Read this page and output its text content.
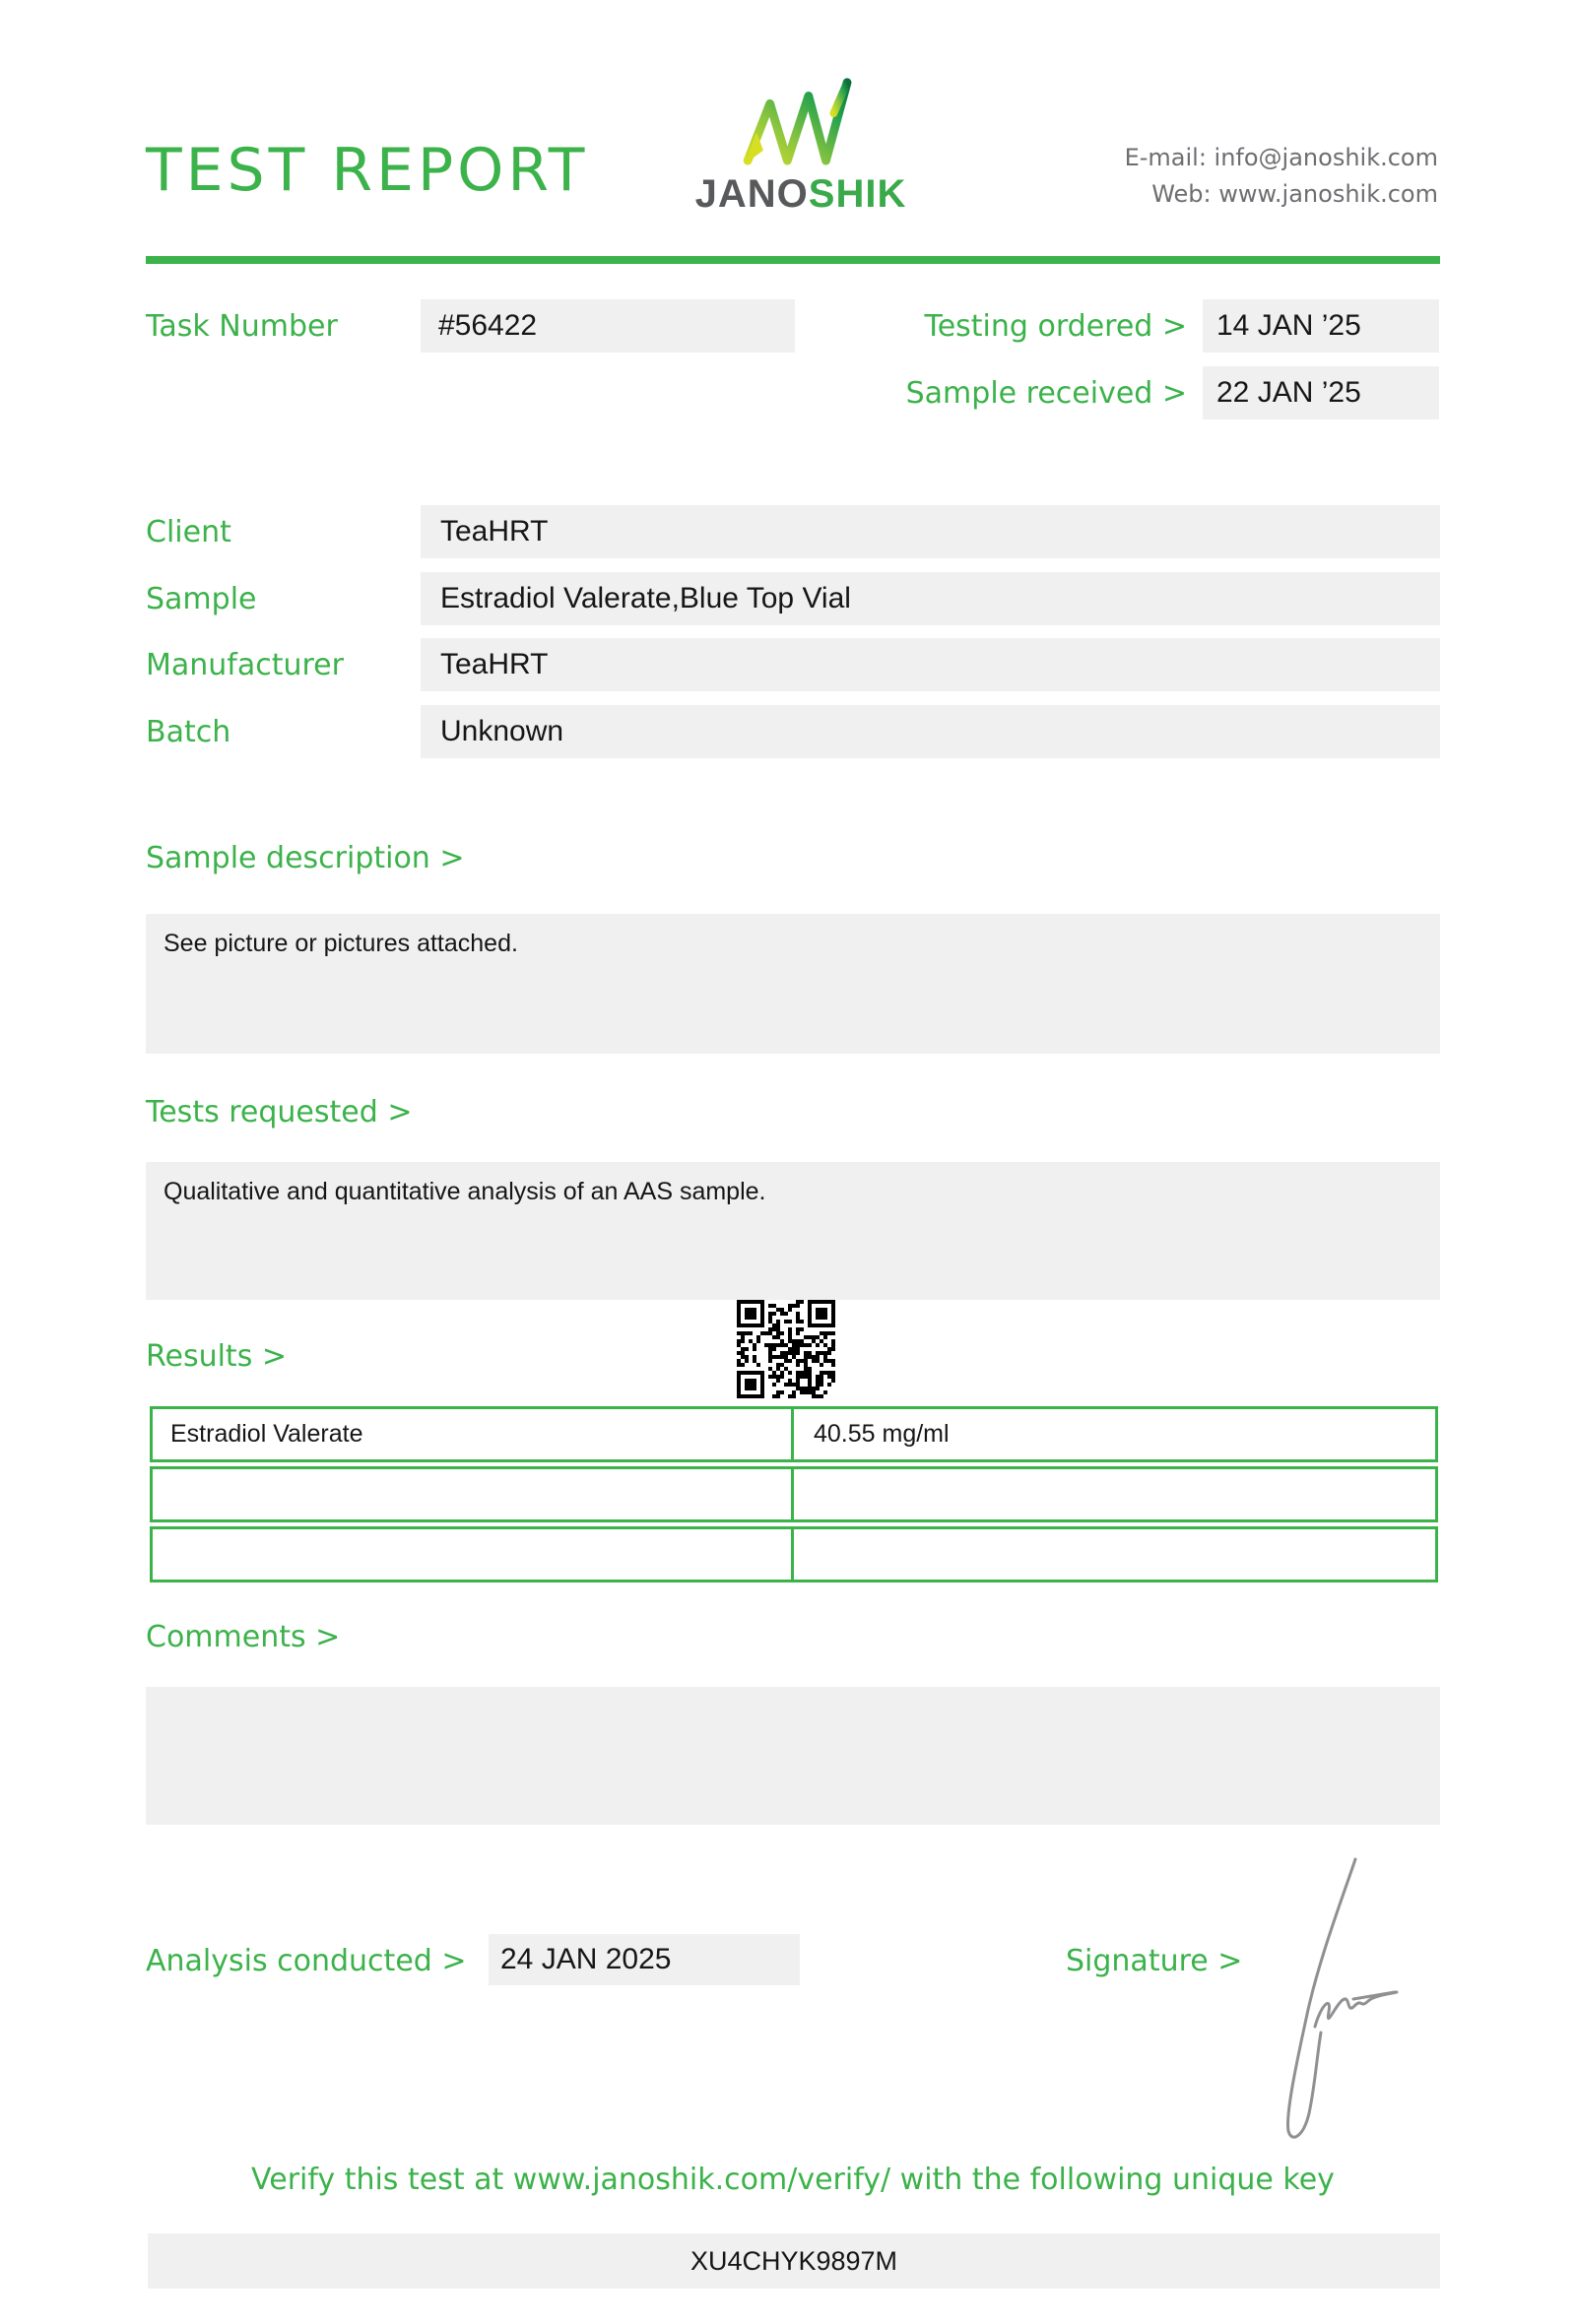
TEST REPORT	JANOSHIK
E-mail: info@janoshik.com
Web: www.janoshik.com
Task Number	#56422	Testing ordered >	14 JAN ’25
Sample received >	22 JAN ’25
Client	TeaHRT
Sample	Estradiol Valerate,Blue Top Vial
Manufacturer	TeaHRT
Batch	Unknown
Sample description >
See picture or pictures attached.
Tests requested >
Qualitative and quantitative analysis of an AAS sample.
Results >
Estradiol Valerate	40.55 mg/ml
Comments >
Analysis conducted >	24 JAN 2025	Signature >
Verify this test at www.janoshik.com/verify/ with the following unique key
XU4CHYK9897M
